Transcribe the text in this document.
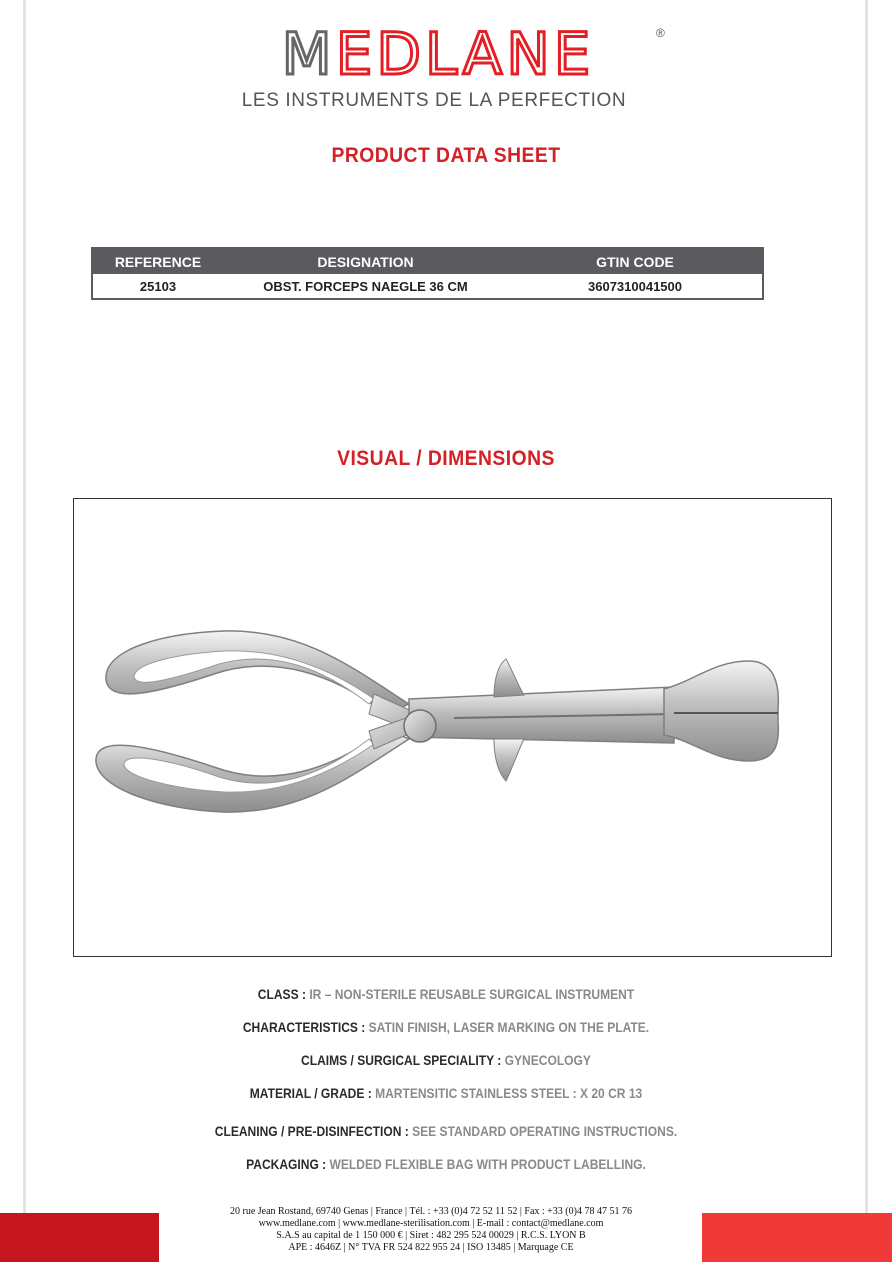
MEDLANE	®
LES INSTRUMENTS DE LA PERFECTION
PRODUCT DATA SHEET
REFERENCE	DESIGNATION	GTIN CODE
25103	OBST. FORCEPS NAEGLE 36 CM	3607310041500
VISUAL / DIMENSIONS
CLASS : IR – NON-STERILE REUSABLE SURGICAL INSTRUMENT
CHARACTERISTICS : SATIN FINISH, LASER MARKING ON THE PLATE.
CLAIMS / SURGICAL SPECIALITY : GYNECOLOGY
MATERIAL / GRADE : MARTENSITIC STAINLESS STEEL : X 20 CR 13
CLEANING / PRE-DISINFECTION : SEE STANDARD OPERATING INSTRUCTIONS.
PACKAGING : WELDED FLEXIBLE BAG WITH PRODUCT LABELLING.
20 rue Jean Rostand, 69740 Genas | France | Tél. : +33 (0)4 72 52 11 52 | Fax : +33 (0)4 78 47 51 76
www.medlane.com | www.medlane-sterilisation.com | E-mail : contact@medlane.com
S.A.S au capital de 1 150 000 € | Siret : 482 295 524 00029 | R.C.S. LYON B
APE : 4646Z | N° TVA FR 524 822 955 24 | ISO 13485 | Marquage CE
